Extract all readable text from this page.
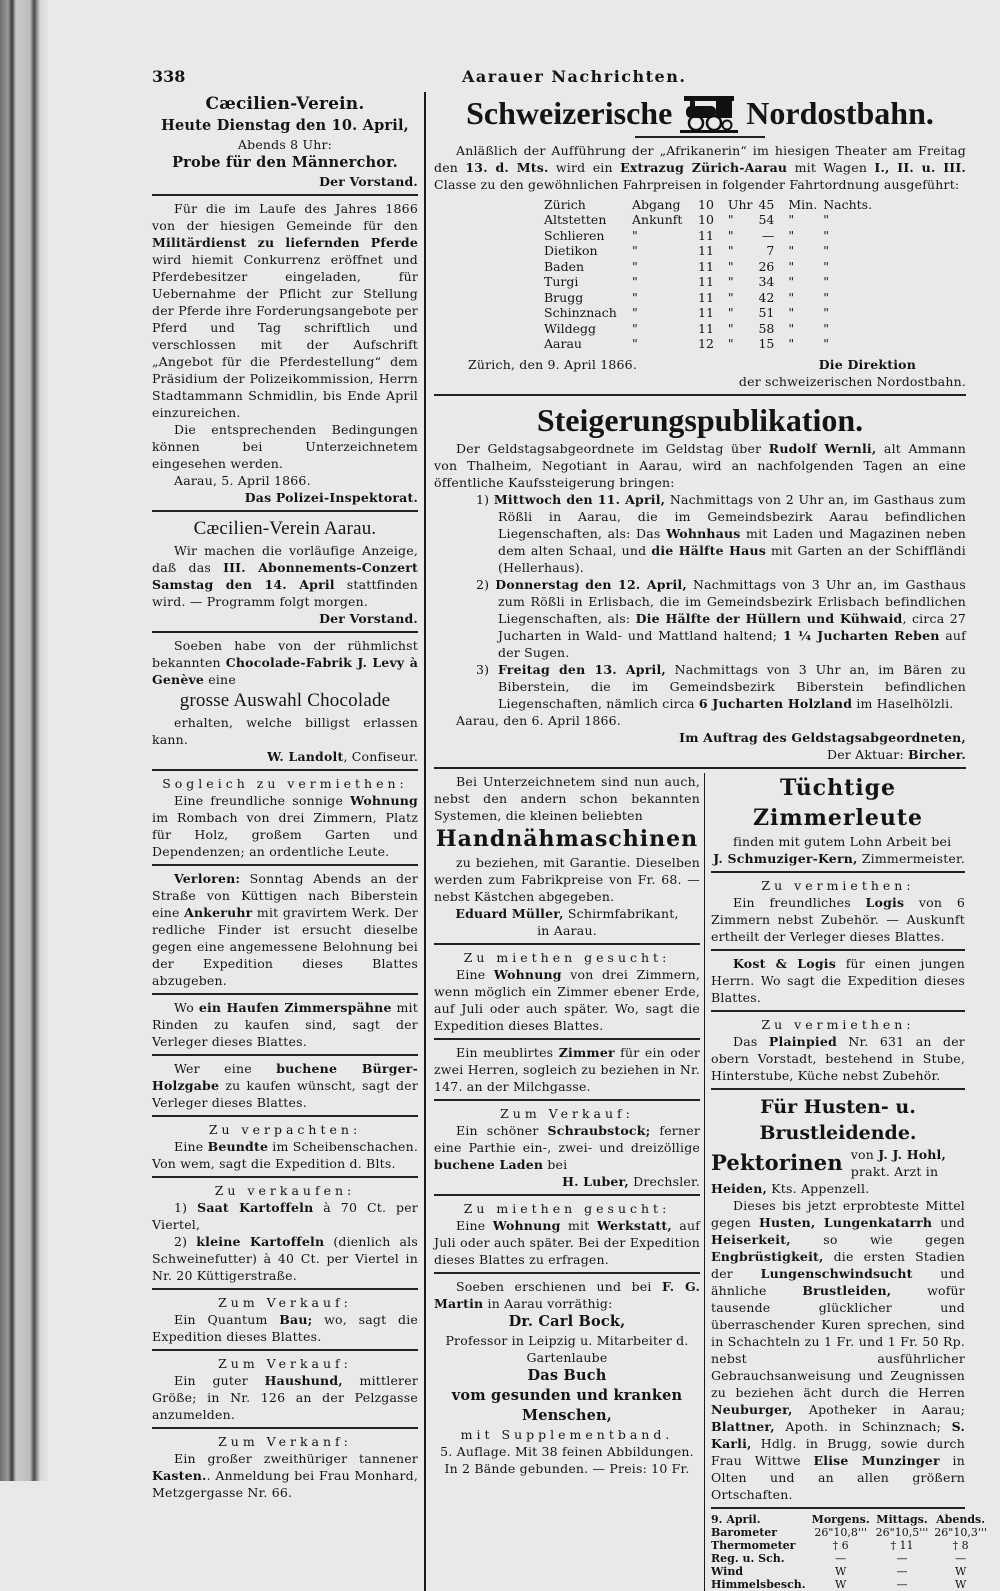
338
Cæcilien-Verein.
Heute Dienstag den 10. April,
Abends 8 Uhr:
Probe für den Männerchor.
Der Vorstand.

Für die im Laufe des Jahres 1866 von der hiesigen Gemeinde für den Militärdienst zu liefernden Pferde wird hiemit Conkurrenz eröffnet und Pferdebesitzer eingeladen, für Uebernahme der Pflicht zur Stellung der Pferde ihre Forderungsangebote per Pferd und Tag schriftlich und verschlossen mit der Aufschrift „Angebot für die Pferdestellung“ dem Präsidium der Polizeikommission, Herrn Stadtammann Schmidlin, bis Ende April einzureichen.

Die entsprechenden Bedingungen können bei Unterzeichnetem eingesehen werden.

Aarau, 5. April 1866.
Das Polizei-Inspektorat.
Cæcilien-Verein Aarau.

Wir machen die vorläufige Anzeige, daß das III. Abonnements-Conzert Samstag den 14. April stattfinden wird. — Programm folgt morgen.

Der Vorstand.

Soeben habe von der rühmlichst bekannten Chocolade-Fabrik J. Levy à Genève eine

grosse Auswahl Chocolade

erhalten, welche billigst erlassen kann.

W. Landolt, Confiseur.
Sogleich zu vermiethen:

Eine freundliche sonnige Wohnung im Rombach von drei Zimmern, Platz für Holz, großem Garten und Dependenzen; an ordentliche Leute.

Verloren: Sonntag Abends an der Straße von Küttigen nach Biberstein eine Ankeruhr mit gravirtem Werk. Der redliche Finder ist ersucht dieselbe gegen eine angemessene Belohnung bei der Expedition dieses Blattes abzugeben.

Wo ein Haufen Zimmerspähne mit Rinden zu kaufen sind, sagt der Verleger dieses Blattes.

Wer eine buchene Bürger-Holzgabe zu kaufen wünscht, sagt der Verleger dieses Blattes.

Zu verpachten:

Eine Beundte im Scheibenschachen. Von wem, sagt die Expedition d. Blts.

Zu verkaufen:

1) Saat Kartoffeln à 70 Ct. per Viertel,

2) kleine Kartoffeln (dienlich als Schweinefutter) à 40 Ct. per Viertel in Nr. 20 Küttigerstraße.

Zum Verkauf:

Ein Quantum Bau; wo, sagt die Expedition dieses Blattes.

Zum Verkauf:

Ein guter Haushund, mittlerer Größe; in Nr. 126 an der Pelzgasse anzumelden.

Zum Verkanf:

Ein großer zweithüriger tannener Kasten.. Anmeldung bei Frau Monhard, Metzgergasse Nr. 66.

Aarauer Nachrichten.
Schweizerische Nordostbahn.

Anläßlich der Aufführung der „Afrikanerin“ im hiesigen Theater am Freitag den 13. d. Mts. wird ein Extrazug Zürich-Aarau mit Wagen I., II. u. III. Classe zu den gewöhnlichen Fahrpreisen in folgender Fahrtordnung ausgeführt:

Zürich	Abgang	10	Uhr	45	Min.	Nachts.
Altstetten	Ankunft	10	"	54	"	"
Schlieren	"	11	"	—	"	"
Dietikon	"	11	"	7	"	"
Baden	"	11	"	26	"	"
Turgi	"	11	"	34	"	"
Brugg	"	11	"	42	"	"
Schinznach	"	11	"	51	"	"
Wildegg	"	11	"	58	"	"
Aarau	"	12	"	15	"	"
Zürich, den 9. April 1866.	Die Direktion
der schweizerischen Nordostbahn.
Steigerungspublikation.

Der Geldstagsabgeordnete im Geldstag über Rudolf Wernli, alt Ammann von Thalheim, Negotiant in Aarau, wird an nachfolgenden Tagen an eine öffentliche Kaufssteigerung bringen:

1) Mittwoch den 11. April, Nachmittags von 2 Uhr an, im Gasthaus zum Rößli in Aarau, die im Gemeindsbezirk Aarau befindlichen Liegenschaften, als: Das Wohnhaus mit Laden und Magazinen neben dem alten Schaal, und die Hälfte Haus mit Garten an der Schiffländi (Hellerhaus).

2) Donnerstag den 12. April, Nachmittags von 3 Uhr an, im Gasthaus zum Rößli in Erlisbach, die im Gemeindsbezirk Erlisbach befindlichen Liegenschaften, als: Die Hälfte der Hüllern und Kühwaid, circa 27 Jucharten in Wald- und Mattland haltend; 1 ¼ Jucharten Reben auf der Sugen.

3) Freitag den 13. April, Nachmittags von 3 Uhr an, im Bären zu Biberstein, die im Gemeindsbezirk Biberstein befindlichen Liegenschaften, nämlich circa 6 Jucharten Holzland im Haselhölzli.

Aarau, den 6. April 1866.
Im Auftrag des Geldstagsabgeordneten,
Der Aktuar: Bircher.

Bei Unterzeichnetem sind nun auch, nebst den andern schon bekannten Systemen, die kleinen beliebten

Handnähmaschinen

zu beziehen, mit Garantie. Dieselben werden zum Fabrikpreise von Fr. 68. — nebst Kästchen abgegeben.

Eduard Müller, Schirmfabrikant,
in Aarau.
Zu miethen gesucht:

Eine Wohnung von drei Zimmern, wenn möglich ein Zimmer ebener Erde, auf Juli oder auch später. Wo, sagt die Expedition dieses Blattes.

Ein meublirtes Zimmer für ein oder zwei Herren, sogleich zu beziehen in Nr. 147. an der Milchgasse.

Zum Verkauf:

Ein schöner Schraubstock; ferner eine Parthie ein-, zwei- und dreizöllige buchene Laden bei

H. Luber, Drechsler.
Zu miethen gesucht:

Eine Wohnung mit Werkstatt, auf Juli oder auch später. Bei der Expedition dieses Blattes zu erfragen.

Soeben erschienen und bei F. G. Martin in Aarau vorräthig:

Dr. Carl Bock,
Professor in Leipzig u. Mitarbeiter d. Gartenlaube
Das Buch
vom gesunden und kranken Menschen,
mit Supplementband.
5. Auflage. Mit 38 feinen Abbildungen.
In 2 Bände gebunden. — Preis: 10 Fr.
Tüchtige Zimmerleute

finden mit gutem Lohn Arbeit bei

J. Schmuziger-Kern, Zimmermeister.
Zu vermiethen:

Ein freundliches Logis von 6 Zimmern nebst Zubehör. — Auskunft ertheilt der Verleger dieses Blattes.

Kost & Logis für einen jungen Herrn. Wo sagt die Expedition dieses Blattes.

Zu vermiethen:

Das Plainpied Nr. 631 an der obern Vorstadt, bestehend in Stube, Hinterstube, Küche nebst Zubehör.

Für Husten- u. Brustleidende.
Pektorinen von J. J. Hohl, prakt. Arzt in Heiden, Kts. Appenzell.

Dieses bis jetzt erprobteste Mittel gegen Husten, Lungenkatarrh und Heiserkeit, so wie gegen Engbrüstigkeit, die ersten Stadien der Lungenschwindsucht und ähnliche Brustleiden, wofür tausende glücklicher und überraschender Kuren sprechen, sind in Schachteln zu 1 Fr. und 1 Fr. 50 Rp. nebst ausführlicher Gebrauchsanweisung und Zeugnissen zu beziehen ächt durch die Herren Neuburger, Apotheker in Aarau; Blattner, Apoth. in Schinznach; S. Karli, Hdlg. in Brugg, sowie durch Frau Wittwe Elise Munzinger in Olten und an allen größern Ortschaften.

9. April.	Morgens.	Mittags.	Abends.
Barometer	26"10,8'''	26"10,5'''	26"10,3'''
Thermometer	† 6	† 11	† 8
Reg. u. Sch.	—	—	—
Wind	W	—	W
Himmelsbesch.	W	—	W
